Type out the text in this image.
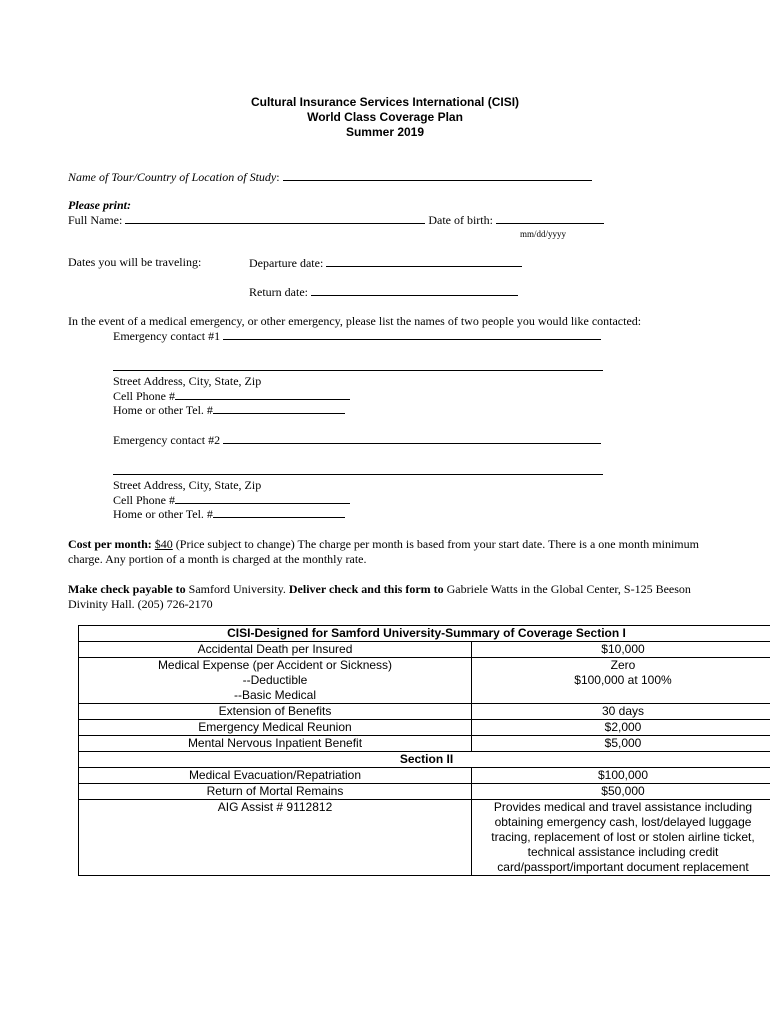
Cultural Insurance Services International (CISI)
World Class Coverage Plan
Summer 2019
Name of Tour/Country of Location of Study:
Please print:
Full Name:	Date of birth:
mm/dd/yyyy
Dates you will be traveling:	Departure date:
Return date:
In the event of a medical emergency, or other emergency, please list the names of two people you would like contacted:
Emergency contact #1
Street Address, City, State, Zip
Cell Phone #
Home or other Tel. #
Emergency contact #2
Street Address, City, State, Zip
Cell Phone #
Home or other Tel. #
Cost per month: $40 (Price subject to change) The charge per month is based from your start date. There is a one month minimum charge. Any portion of a month is charged at the monthly rate.
Make check payable to Samford University. Deliver check and this form to Gabriele Watts in the Global Center, S-125 Beeson Divinity Hall. (205) 726-2170
CISI-Designed for Samford University-Summary of Coverage Section I	
Accidental Death per Insured	$10,000
Medical Expense (per Accident or Sickness)	Zero
--Deductible	$100,000 at 100%
--Basic Medical	
Extension of Benefits	30 days
Emergency Medical Reunion	$2,000
Mental Nervous Inpatient Benefit	$5,000
Section II	
Medical Evacuation/Repatriation	$100,000
Return of Mortal Remains	$50,000
AIG Assist # 9112812	Provides medical and travel assistance including obtaining emergency cash, lost/delayed luggage tracing, replacement of lost or stolen airline ticket, technical assistance including credit card/passport/important document replacement
